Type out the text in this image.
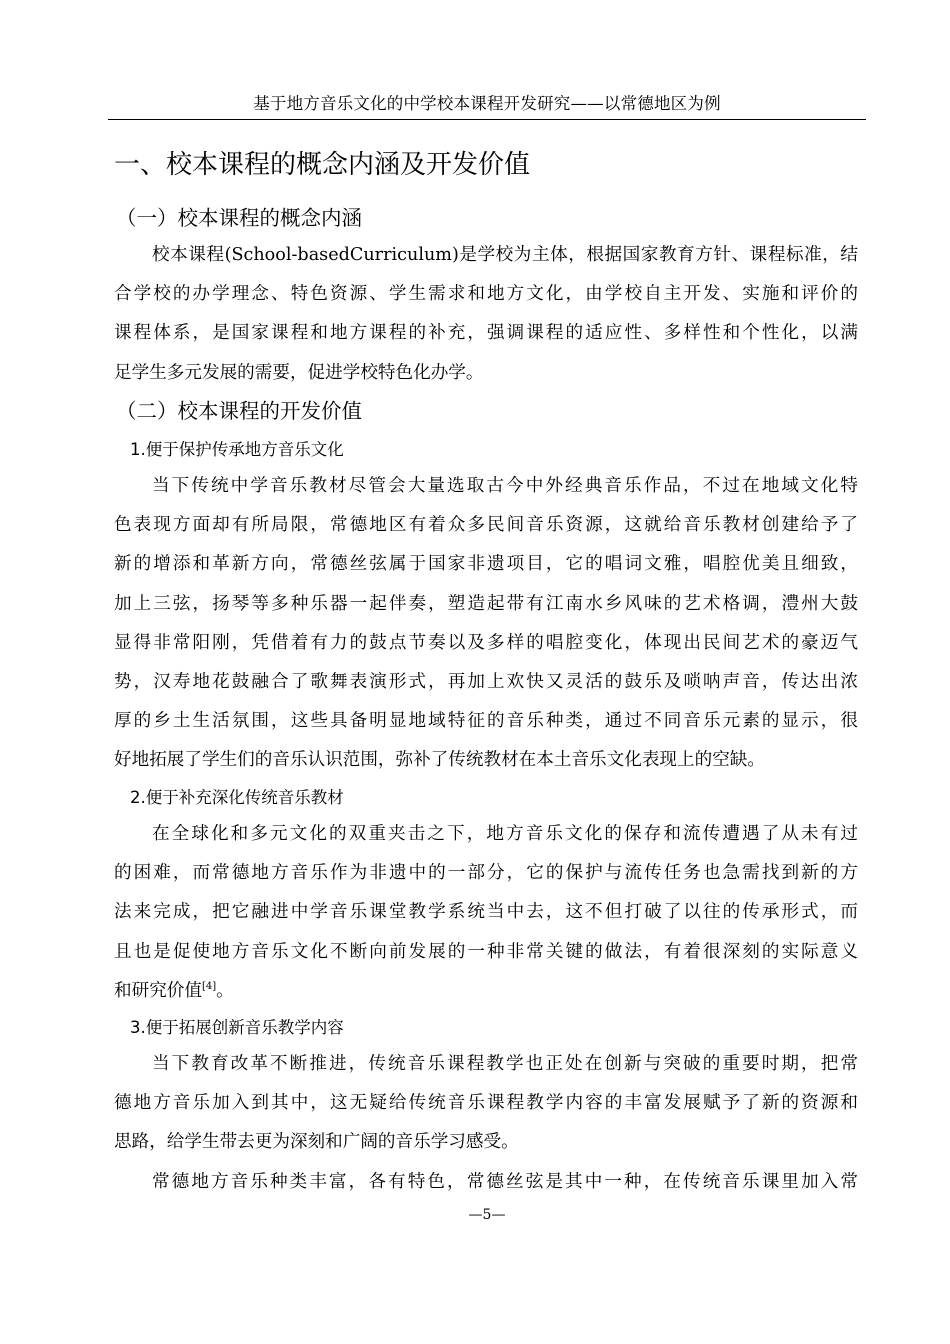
基于地方音乐文化的中学校本课程开发研究——以常德地区为例
一、校本课程的概念内涵及开发价值
（一）校本课程的概念内涵
校本课程(School-basedCurriculum)是学校为主体，根据国家教育方针、课程标准，结
合学校的办学理念、特色资源、学生需求和地方文化，由学校自主开发、实施和评价的
课程体系，是国家课程和地方课程的补充，强调课程的适应性、多样性和个性化，以满
足学生多元发展的需要，促进学校特色化办学。
（二）校本课程的开发价值
1.便于保护传承地方音乐文化
当下传统中学音乐教材尽管会大量选取古今中外经典音乐作品，不过在地域文化特
色表现方面却有所局限，常德地区有着众多民间音乐资源，这就给音乐教材创建给予了
新的增添和革新方向，常德丝弦属于国家非遗项目，它的唱词文雅，唱腔优美且细致，
加上三弦，扬琴等多种乐器一起伴奏，塑造起带有江南水乡风味的艺术格调，澧州大鼓
显得非常阳刚，凭借着有力的鼓点节奏以及多样的唱腔变化，体现出民间艺术的豪迈气
势，汉寿地花鼓融合了歌舞表演形式，再加上欢快又灵活的鼓乐及唢呐声音，传达出浓
厚的乡土生活氛围，这些具备明显地域特征的音乐种类，通过不同音乐元素的显示，很
好地拓展了学生们的音乐认识范围，弥补了传统教材在本土音乐文化表现上的空缺。
2.便于补充深化传统音乐教材
在全球化和多元文化的双重夹击之下，地方音乐文化的保存和流传遭遇了从未有过
的困难，而常德地方音乐作为非遗中的一部分，它的保护与流传任务也急需找到新的方
法来完成，把它融进中学音乐课堂教学系统当中去，这不但打破了以往的传承形式，而
且也是促使地方音乐文化不断向前发展的一种非常关键的做法，有着很深刻的实际意义
和研究价值[4]。
3.便于拓展创新音乐教学内容
当下教育改革不断推进，传统音乐课程教学也正处在创新与突破的重要时期，把常
德地方音乐加入到其中，这无疑给传统音乐课程教学内容的丰富发展赋予了新的资源和
思路，给学生带去更为深刻和广阔的音乐学习感受。
常德地方音乐种类丰富，各有特色，常德丝弦是其中一种，在传统音乐课里加入常
—5—
